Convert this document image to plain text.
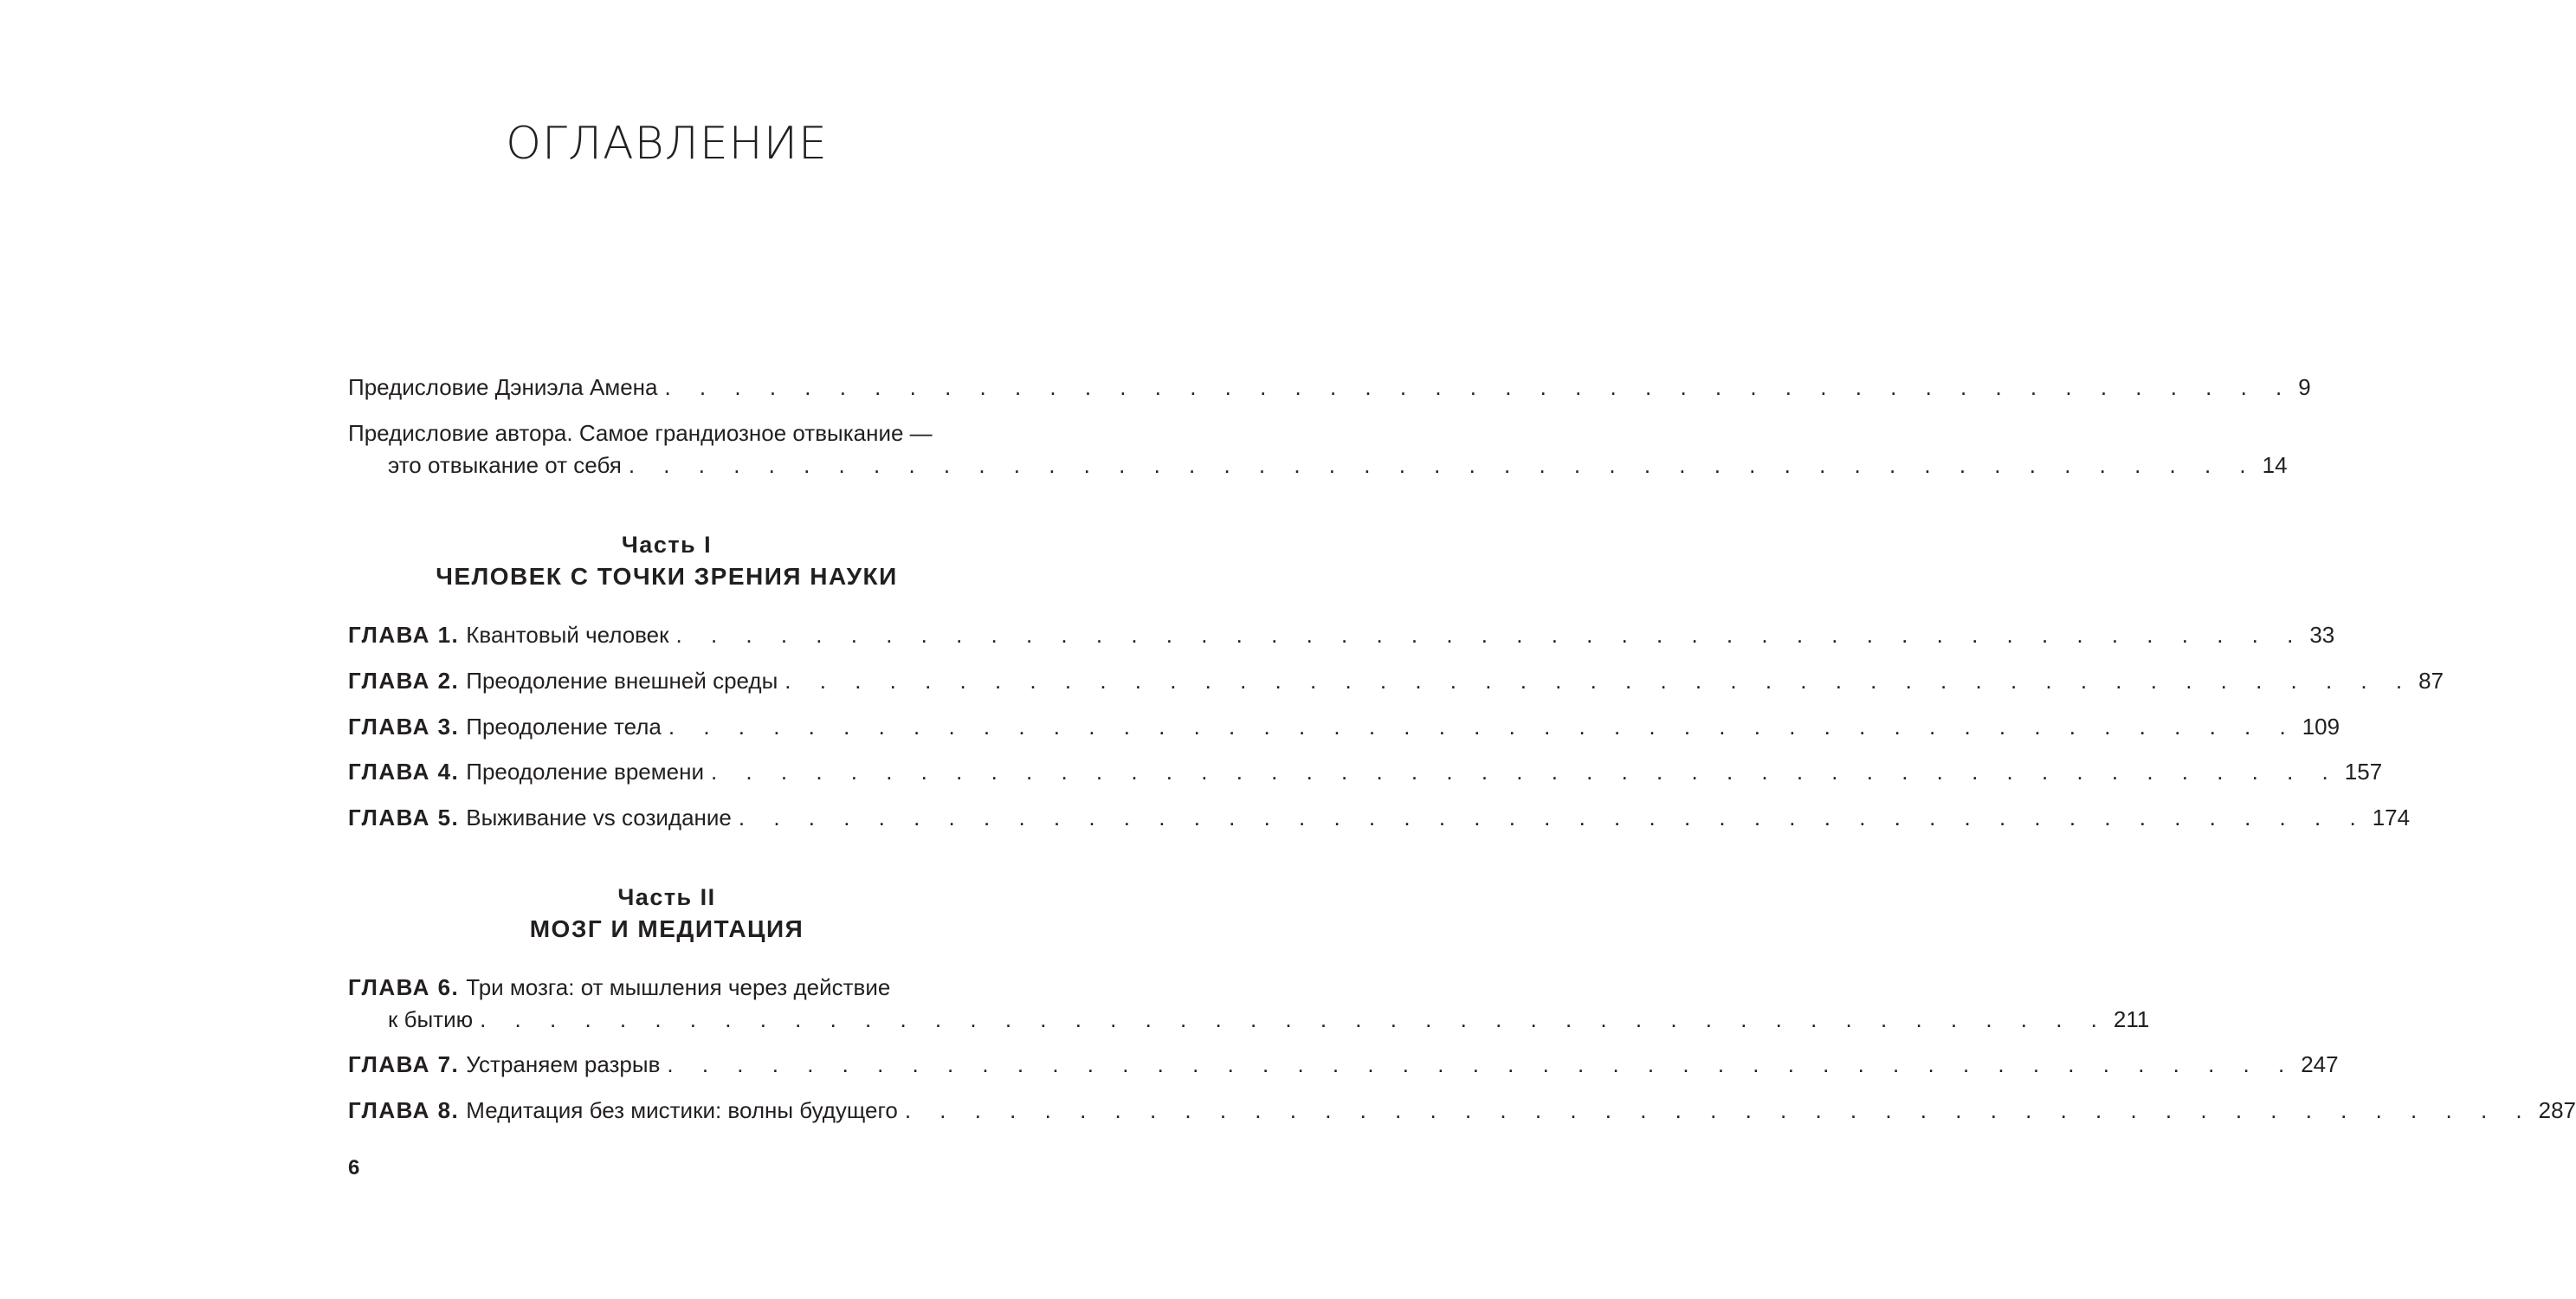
ОГЛАВЛЕНИЕ
Предисловие Дэниэла Амена . . . . . . . . . . . . . . . . . . . . . . . . . . . . . . . . . . . . . . . . . . . . . . . 9
Предисловие автора. Самое грандиозное отвыкание —
это отвыкание от себя . . . . . . . . . . . . . . . . . . . . . . . . . . . . . . . . . . . . . . . . . . . . . . . 14
ГЛАВА 1. Квантовый человек . . . . . . . . . . . . . . . . . . . . . . . . . . . . . . . . . . . . . . . . . . . . . . . 33
ГЛАВА 2. Преодоление внешней среды . . . . . . . . . . . . . . . . . . . . . . . . . . . . . . . . . . . . . . . . . . . . . . . 87
ГЛАВА 3. Преодоление тела . . . . . . . . . . . . . . . . . . . . . . . . . . . . . . . . . . . . . . . . . . . . . . . 109
ГЛАВА 4. Преодоление времени . . . . . . . . . . . . . . . . . . . . . . . . . . . . . . . . . . . . . . . . . . . . . . . 157
ГЛАВА 5. Выживание vs созидание . . . . . . . . . . . . . . . . . . . . . . . . . . . . . . . . . . . . . . . . . . . . . . . 174
ГЛАВА 6. Три мозга: от мышления через действие
к бытию . . . . . . . . . . . . . . . . . . . . . . . . . . . . . . . . . . . . . . . . . . . . . . . 211
ГЛАВА 7. Устраняем разрыв . . . . . . . . . . . . . . . . . . . . . . . . . . . . . . . . . . . . . . . . . . . . . . . 247
ГЛАВА 8. Медитация без мистики: волны будущего . . . . . . . . . . . . . . . . . . . . . . . . . . . . . . . . . . . . . . . . . . . . . . . 287
Часть I
ЧЕЛОВЕК С ТОЧКИ ЗРЕНИЯ НАУКИ
Часть II
МОЗГ И МЕДИТАЦИЯ
6
